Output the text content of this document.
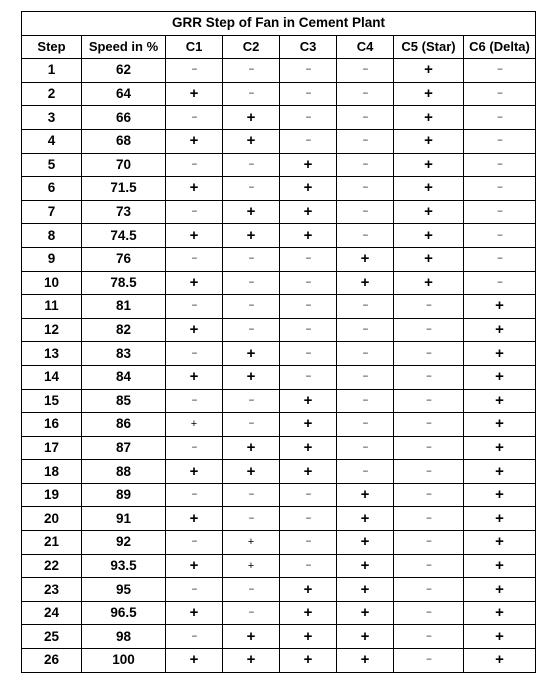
GRR Step of Fan in Cement Plant							
Step	Speed in %	C1	C2	C3	C4	C5 (Star)	C6 (Delta)
1	62	--	--	--	--	+	--
2	64	+	--	--	--	+	--
3	66	--	+	--	--	+	--
4	68	+	+	--	--	+	--
5	70	--	--	+	--	+	--
6	71.5	+	--	+	--	+	--
7	73	--	+	+	--	+	--
8	74.5	+	+	+	--	+	--
9	76	--	--	--	+	+	--
10	78.5	+	--	--	+	+	--
11	81	--	--	--	--	--	+
12	82	+	--	--	--	--	+
13	83	--	+	--	--	--	+
14	84	+	+	--	--	--	+
15	85	--	--	+	--	--	+
16	86	+	--	+	--	--	+
17	87	--	+	+	--	--	+
18	88	+	+	+	--	--	+
19	89	--	--	--	+	--	+
20	91	+	--	--	+	--	+
21	92	--	+	--	+	--	+
22	93.5	+	+	--	+	--	+
23	95	--	--	+	+	--	+
24	96.5	+	--	+	+	--	+
25	98	--	+	+	+	--	+
26	100	+	+	+	+	--	+
